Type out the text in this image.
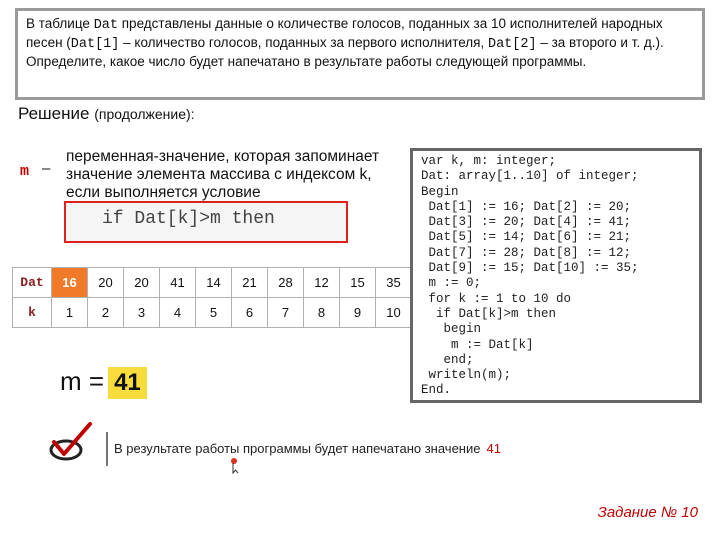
В таблице Dat представлены данные о количестве голосов, поданных за 10 исполнителей народных песен (Dat[1] – количество голосов, поданных за первого исполнителя, Dat[2] – за второго и т. д.).

Определите, какое число будет напечатано в результате работы следующей программы.

Решение (продолжение):
m –
переменная-значение, которая запоминает значение элемента массива с индексом k, если выполняется условие
if Dat[k]>m then
Dat	16	20	20	41	14	21	28	12	15	35
k	1	2	3	4	5	6	7	8	9	10
m = 41
var k, m: integer;
Dat: array[1..10] of integer;
Begin
Dat[1] := 16; Dat[2] := 20;
Dat[3] := 20; Dat[4] := 41;
Dat[5] := 14; Dat[6] := 21;
Dat[7] := 28; Dat[8] := 12;
Dat[9] := 15; Dat[10] := 35;
m := 0;
for k := 1 to 10 do
if Dat[k]>m then
begin
m := Dat[k]
end;
writeln(m);
End.
В результате работы программы будет напечатано значение 41
Задание № 10
